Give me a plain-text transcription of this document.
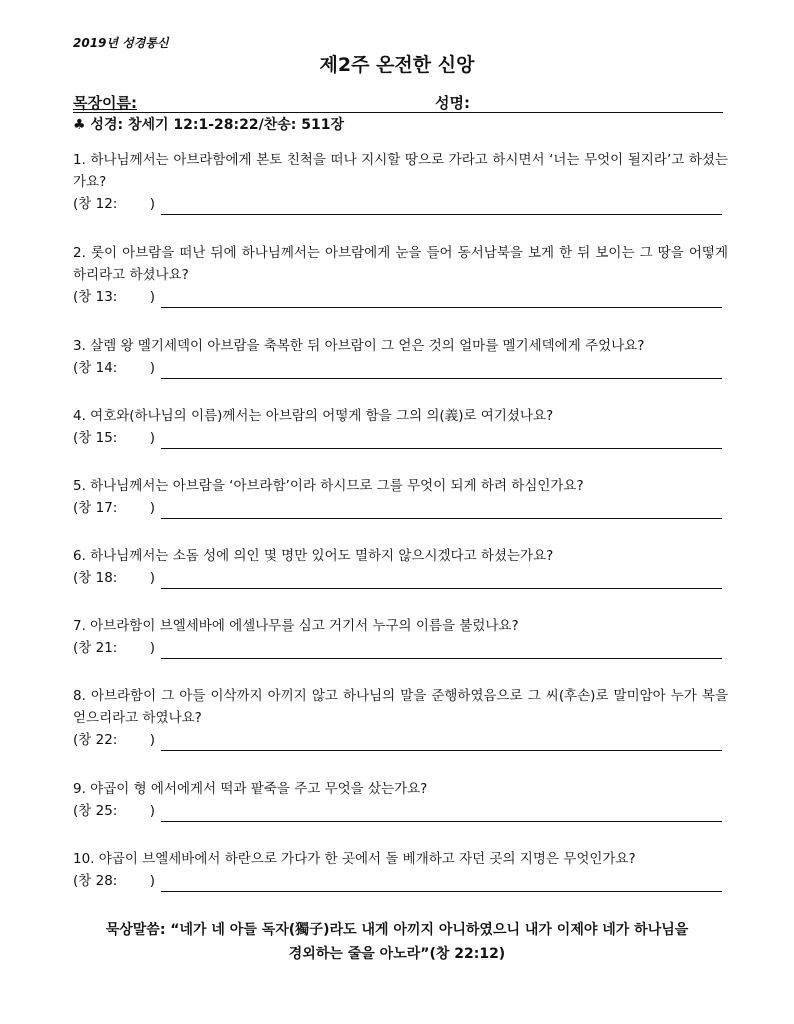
2019년 성경통신
제2주 온전한 신앙
목장이름:	성명:
♣ 성경: 창세기 12:1-28:22/찬송: 511장
1. 하나님께서는 아브라함에게 본토 친척을 떠나 지시할 땅으로 가라고 하시면서 ‘너는 무엇이 될지라’고 하셨는가요?
(창 12: )
2. 롯이 아브람을 떠난 뒤에 하나님께서는 아브람에게 눈을 들어 동서남북을 보게 한 뒤 보이는 그 땅을 어떻게 하리라고 하셨나요?
(창 13: )
3. 살렘 왕 멜기세덱이 아브람을 축복한 뒤 아브람이 그 얻은 것의 얼마를 멜기세덱에게 주었나요?
(창 14: )
4. 여호와(하나님의 이름)께서는 아브람의 어떻게 함을 그의 의(義)로 여기셨나요?
(창 15: )
5. 하나님께서는 아브람을 ‘아브라함’이라 하시므로 그를 무엇이 되게 하려 하심인가요?
(창 17: )
6. 하나님께서는 소돔 성에 의인 몇 명만 있어도 멸하지 않으시겠다고 하셨는가요?
(창 18: )
7. 아브라함이 브엘세바에 에셀나무를 심고 거기서 누구의 이름을 불렀나요?
(창 21: )
8. 아브라함이 그 아들 이삭까지 아끼지 않고 하나님의 말을 준행하였음으로 그 씨(후손)로 말미암아 누가 복을 얻으리라고 하였나요?
(창 22: )
9. 야곱이 형 에서에게서 떡과 팥죽을 주고 무엇을 샀는가요?
(창 25: )
10. 야곱이 브엘세바에서 하란으로 가다가 한 곳에서 돌 베개하고 자던 곳의 지명은 무엇인가요?
(창 28: )
묵상말씀: “네가 네 아들 독자(獨子)라도 내게 아끼지 아니하였으니 내가 이제야 네가 하나님을
경외하는 줄을 아노라”(창 22:12)
